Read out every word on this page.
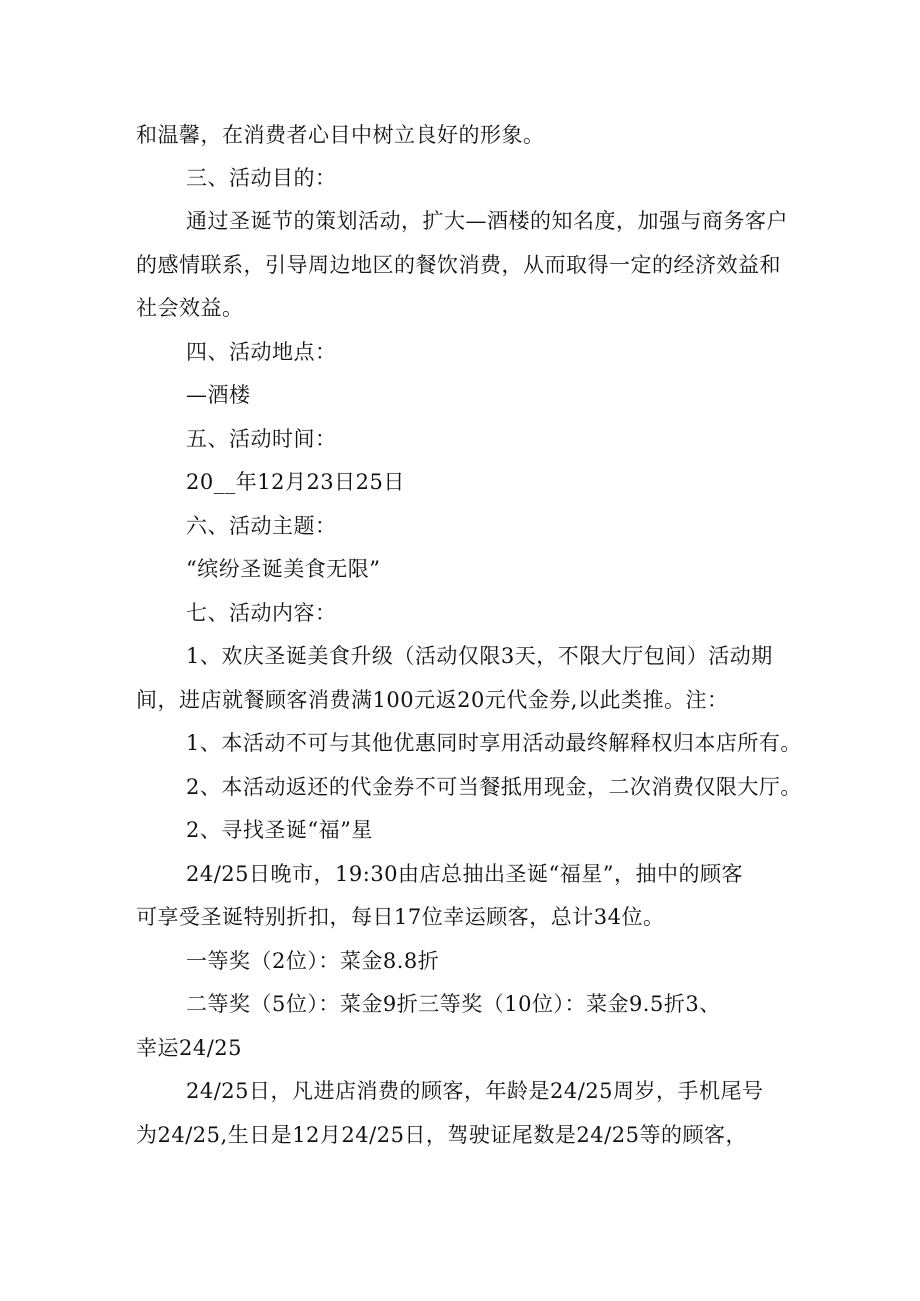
和温馨，在消费者心目中树立良好的形象。
三、活动目的：
通过圣诞节的策划活动，扩大—酒楼的知名度，加强与商务客户
的感情联系，引导周边地区的餐饮消费，从而取得一定的经济效益和
社会效益。
四、活动地点：
—酒楼
五、活动时间：
20__年12月23日25日
六、活动主题：
“缤纷圣诞美食无限”
七、活动内容：
1、欢庆圣诞美食升级（活动仅限3天，不限大厅包间）活动期
间，进店就餐顾客消费满100元返20元代金券,以此类推。注：
1、本活动不可与其他优惠同时享用活动最终解释权归本店所有。
2、本活动返还的代金券不可当餐抵用现金，二次消费仅限大厅。
2、寻找圣诞“福”星
24/25日晚市，19:30由店总抽出圣诞“福星”，抽中的顾客
可享受圣诞特别折扣，每日17位幸运顾客，总计34位。
一等奖（2位）：菜金8.8折
二等奖（5位）：菜金9折三等奖（10位）：菜金9.5折3、
幸运24/25
24/25日，凡进店消费的顾客，年龄是24/25周岁，手机尾号
为24/25,生日是12月24/25日，驾驶证尾数是24/25等的顾客，
